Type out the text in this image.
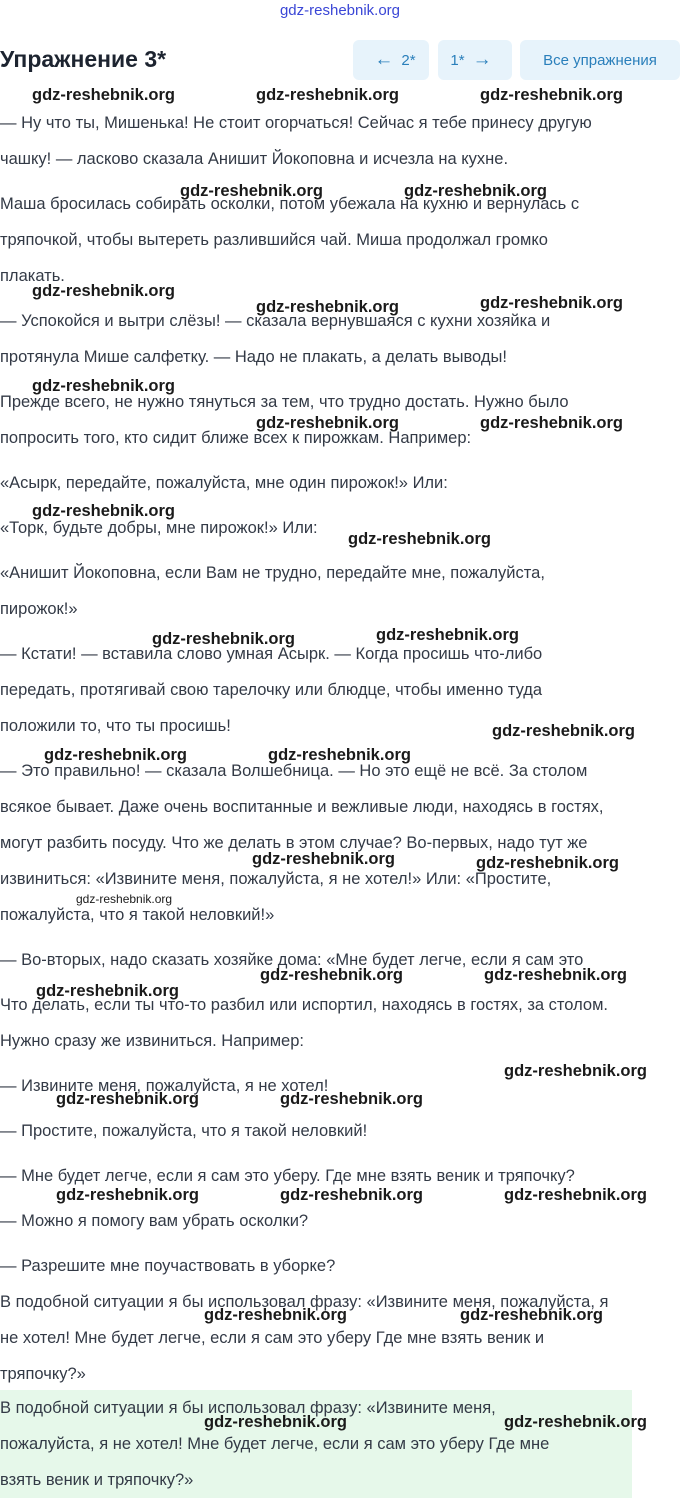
gdz-reshebnik.org
Упражнение 3*	← 2* 1* →	Все упражнения
— Ну что ты, Мишенька! Не стоит огорчаться! Сейчас я тебе принесу другую
чашку! — ласково сказала Анишит Йокоповна и исчезла на кухне.
Маша бросилась собирать осколки, потом убежала на кухню и вернулась с
тряпочкой, чтобы вытереть разлившийся чай. Миша продолжал громко
плакать.
— Успокойся и вытри слёзы! — сказала вернувшаяся с кухни хозяйка и
протянула Мише салфетку. — Надо не плакать, а делать выводы!
Прежде всего, не нужно тянуться за тем, что трудно достать. Нужно было
попросить того, кто сидит ближе всех к пирожкам. Например:
«Асырк, передайте, пожалуйста, мне один пирожок!» Или:
«Торк, будьте добры, мне пирожок!» Или:
«Анишит Йокоповна, если Вам не трудно, передайте мне, пожалуйста,
пирожок!»
— Кстати! — вставила слово умная Асырк. — Когда просишь что-либо
передать, протягивай свою тарелочку или блюдце, чтобы именно туда
положили то, что ты просишь!
— Это правильно! — сказала Волшебница. — Но это ещё не всё. За столом
всякое бывает. Даже очень воспитанные и вежливые люди, находясь в гостях,
могут разбить посуду. Что же делать в этом случае? Во-первых, надо тут же
извиниться: «Извините меня, пожалуйста, я не хотел!» Или: «Простите,
пожалуйста, что я такой неловкий!»
— Во-вторых, надо сказать хозяйке дома: «Мне будет легче, если я сам это
Что делать, если ты что-то разбил или испортил, находясь в гостях, за столом.
Нужно сразу же извиниться. Например:
— Извините меня, пожалуйста, я не хотел!
— Простите, пожалуйста, что я такой неловкий!
— Мне будет легче, если я сам это уберу. Где мне взять веник и тряпочку?
— Можно я помогу вам убрать осколки?
— Разрешите мне поучаствовать в уборке?
В подобной ситуации я бы использовал фразу: «Извините меня, пожалуйста, я
не хотел! Мне будет легче, если я сам это уберу Где мне взять веник и
тряпочку?»
В подобной ситуации я бы использовал фразу: «Извините меня,
пожалуйста, я не хотел! Мне будет легче, если я сам это уберу Где мне
взять веник и тряпочку?»
gdz-reshebnik.org	gdz-reshebnik.org	gdz-reshebnik.org
gdz-reshebnik.org	gdz-reshebnik.org
gdz-reshebnik.org
gdz-reshebnik.org	gdz-reshebnik.org
gdz-reshebnik.org
gdz-reshebnik.org	gdz-reshebnik.org
gdz-reshebnik.org
gdz-reshebnik.org
gdz-reshebnik.org	gdz-reshebnik.org
gdz-reshebnik.org
gdz-reshebnik.org	gdz-reshebnik.org
gdz-reshebnik.org	gdz-reshebnik.org
gdz-reshebnik.org
gdz-reshebnik.org	gdz-reshebnik.org
gdz-reshebnik.org
gdz-reshebnik.org
gdz-reshebnik.org	gdz-reshebnik.org
gdz-reshebnik.org	gdz-reshebnik.org	gdz-reshebnik.org
gdz-reshebnik.org	gdz-reshebnik.org
gdz-reshebnik.org	gdz-reshebnik.org
